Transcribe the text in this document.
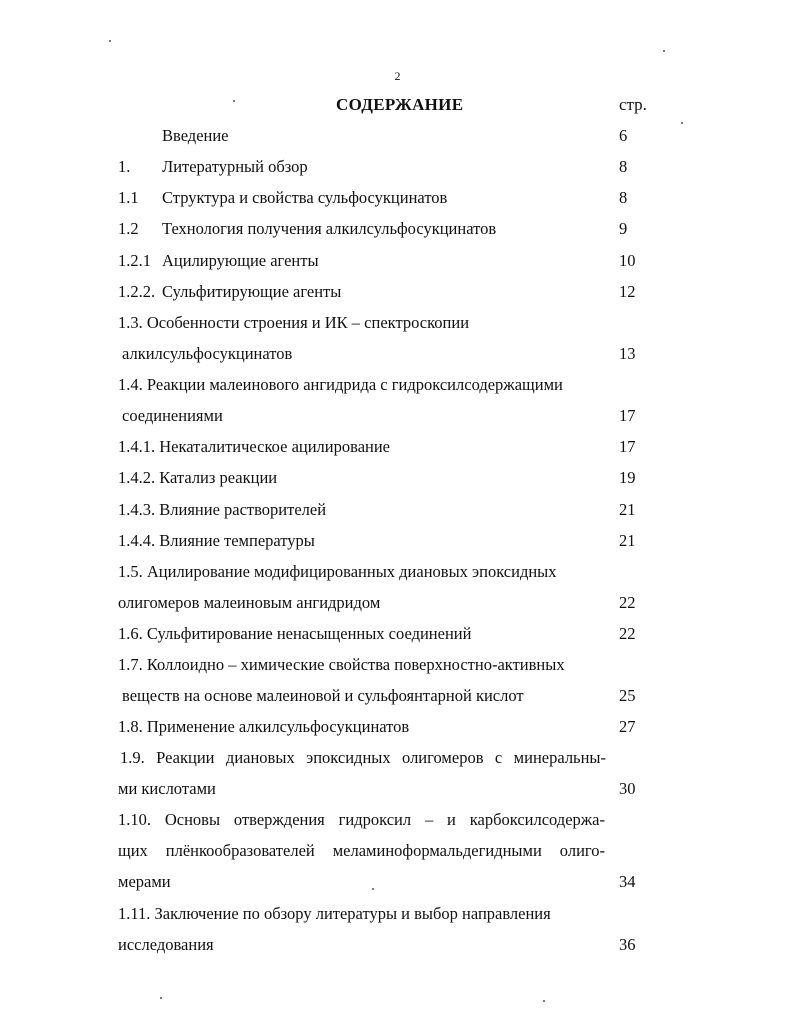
2
СОДЕРЖАНИЕ	стр.
Введение	6
1. Литературный обзор	8
1.1 Структура и свойства сульфосукцинатов	8
1.2 Технология получения алкилсульфосукцинатов	9
1.2.1 Ацилирующие агенты	10
1.2.2. Сульфитирующие агенты	12
1.3. Особенности строения и ИК – спектроскопии
алкилсульфосукцинатов	13
1.4. Реакции малеинового ангидрида с гидроксилсодержащими
соединениями	17
1.4.1. Некаталитическое ацилирование	17
1.4.2. Катализ реакции	19
1.4.3. Влияние растворителей	21
1.4.4. Влияние температуры	21
1.5. Ацилирование модифицированных диановых эпоксидных
олигомеров малеиновым ангидридом	22
1.6. Сульфитирование ненасыщенных соединений	22
1.7. Коллоидно – химические свойства поверхностно-активных
веществ на основе малеиновой и сульфоянтарной кислот	25
1.8. Применение алкилсульфосукцинатов	27
1.9. Реакции диановых эпоксидных олигомеров с минеральны-
ми кислотами	30
1.10. Основы отверждения гидроксил – и карбоксилсодержа-
щих плёнкообразователей меламиноформальдегидными олиго-
мерами	34
1.11. Заключение по обзору литературы и выбор направления
исследования	36
